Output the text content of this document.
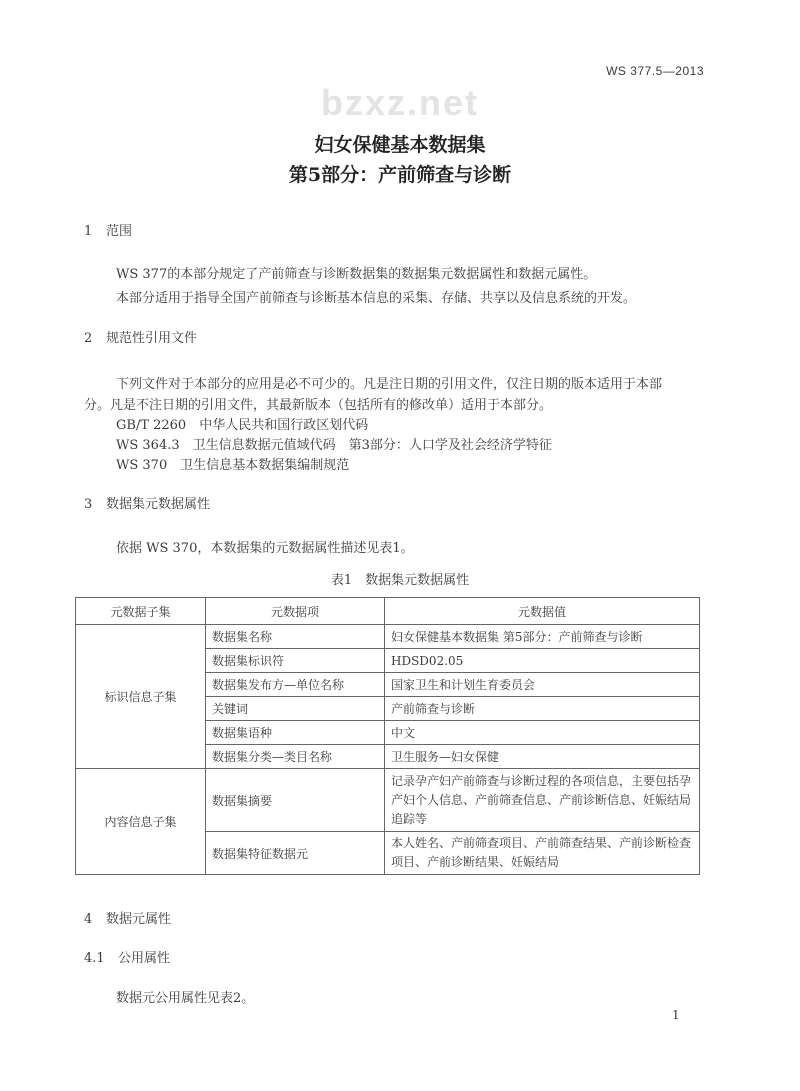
WS 377.5—2013
bzxz.net
妇女保健基本数据集
第5部分：产前筛查与诊断
1 范围
WS 377的本部分规定了产前筛查与诊断数据集的数据集元数据属性和数据元属性。
本部分适用于指导全国产前筛查与诊断基本信息的采集、存储、共享以及信息系统的开发。
2 规范性引用文件
下列文件对于本部分的应用是必不可少的。凡是注日期的引用文件，仅注日期的版本适用于本部
分。凡是不注日期的引用文件，其最新版本（包括所有的修改单）适用于本部分。
GB/T 2260　中华人民共和国行政区划代码
WS 364.3　卫生信息数据元值域代码　第3部分：人口学及社会经济学特征
WS 370　卫生信息基本数据集编制规范
3 数据集元数据属性
依据 WS 370，本数据集的元数据属性描述见表1。
表1　数据集元数据属性
元数据子集	元数据项	元数据值
标识信息子集	数据集名称	妇女保健基本数据集 第5部分：产前筛查与诊断
	数据集标识符	HDSD02.05
	数据集发布方—单位名称	国家卫生和计划生育委员会
	关键词	产前筛查与诊断
	数据集语种	中文
	数据集分类—类目名称	卫生服务—妇女保健
内容信息子集	数据集摘要	记录孕产妇产前筛查与诊断过程的各项信息，主要包括孕产妇个人信息、产前筛查信息、产前诊断信息、妊娠结局追踪等
	数据集特征数据元	本人姓名、产前筛查项目、产前筛查结果、产前诊断检查项目、产前诊断结果、妊娠结局
4 数据元属性
4.1 公用属性
数据元公用属性见表2。
1
